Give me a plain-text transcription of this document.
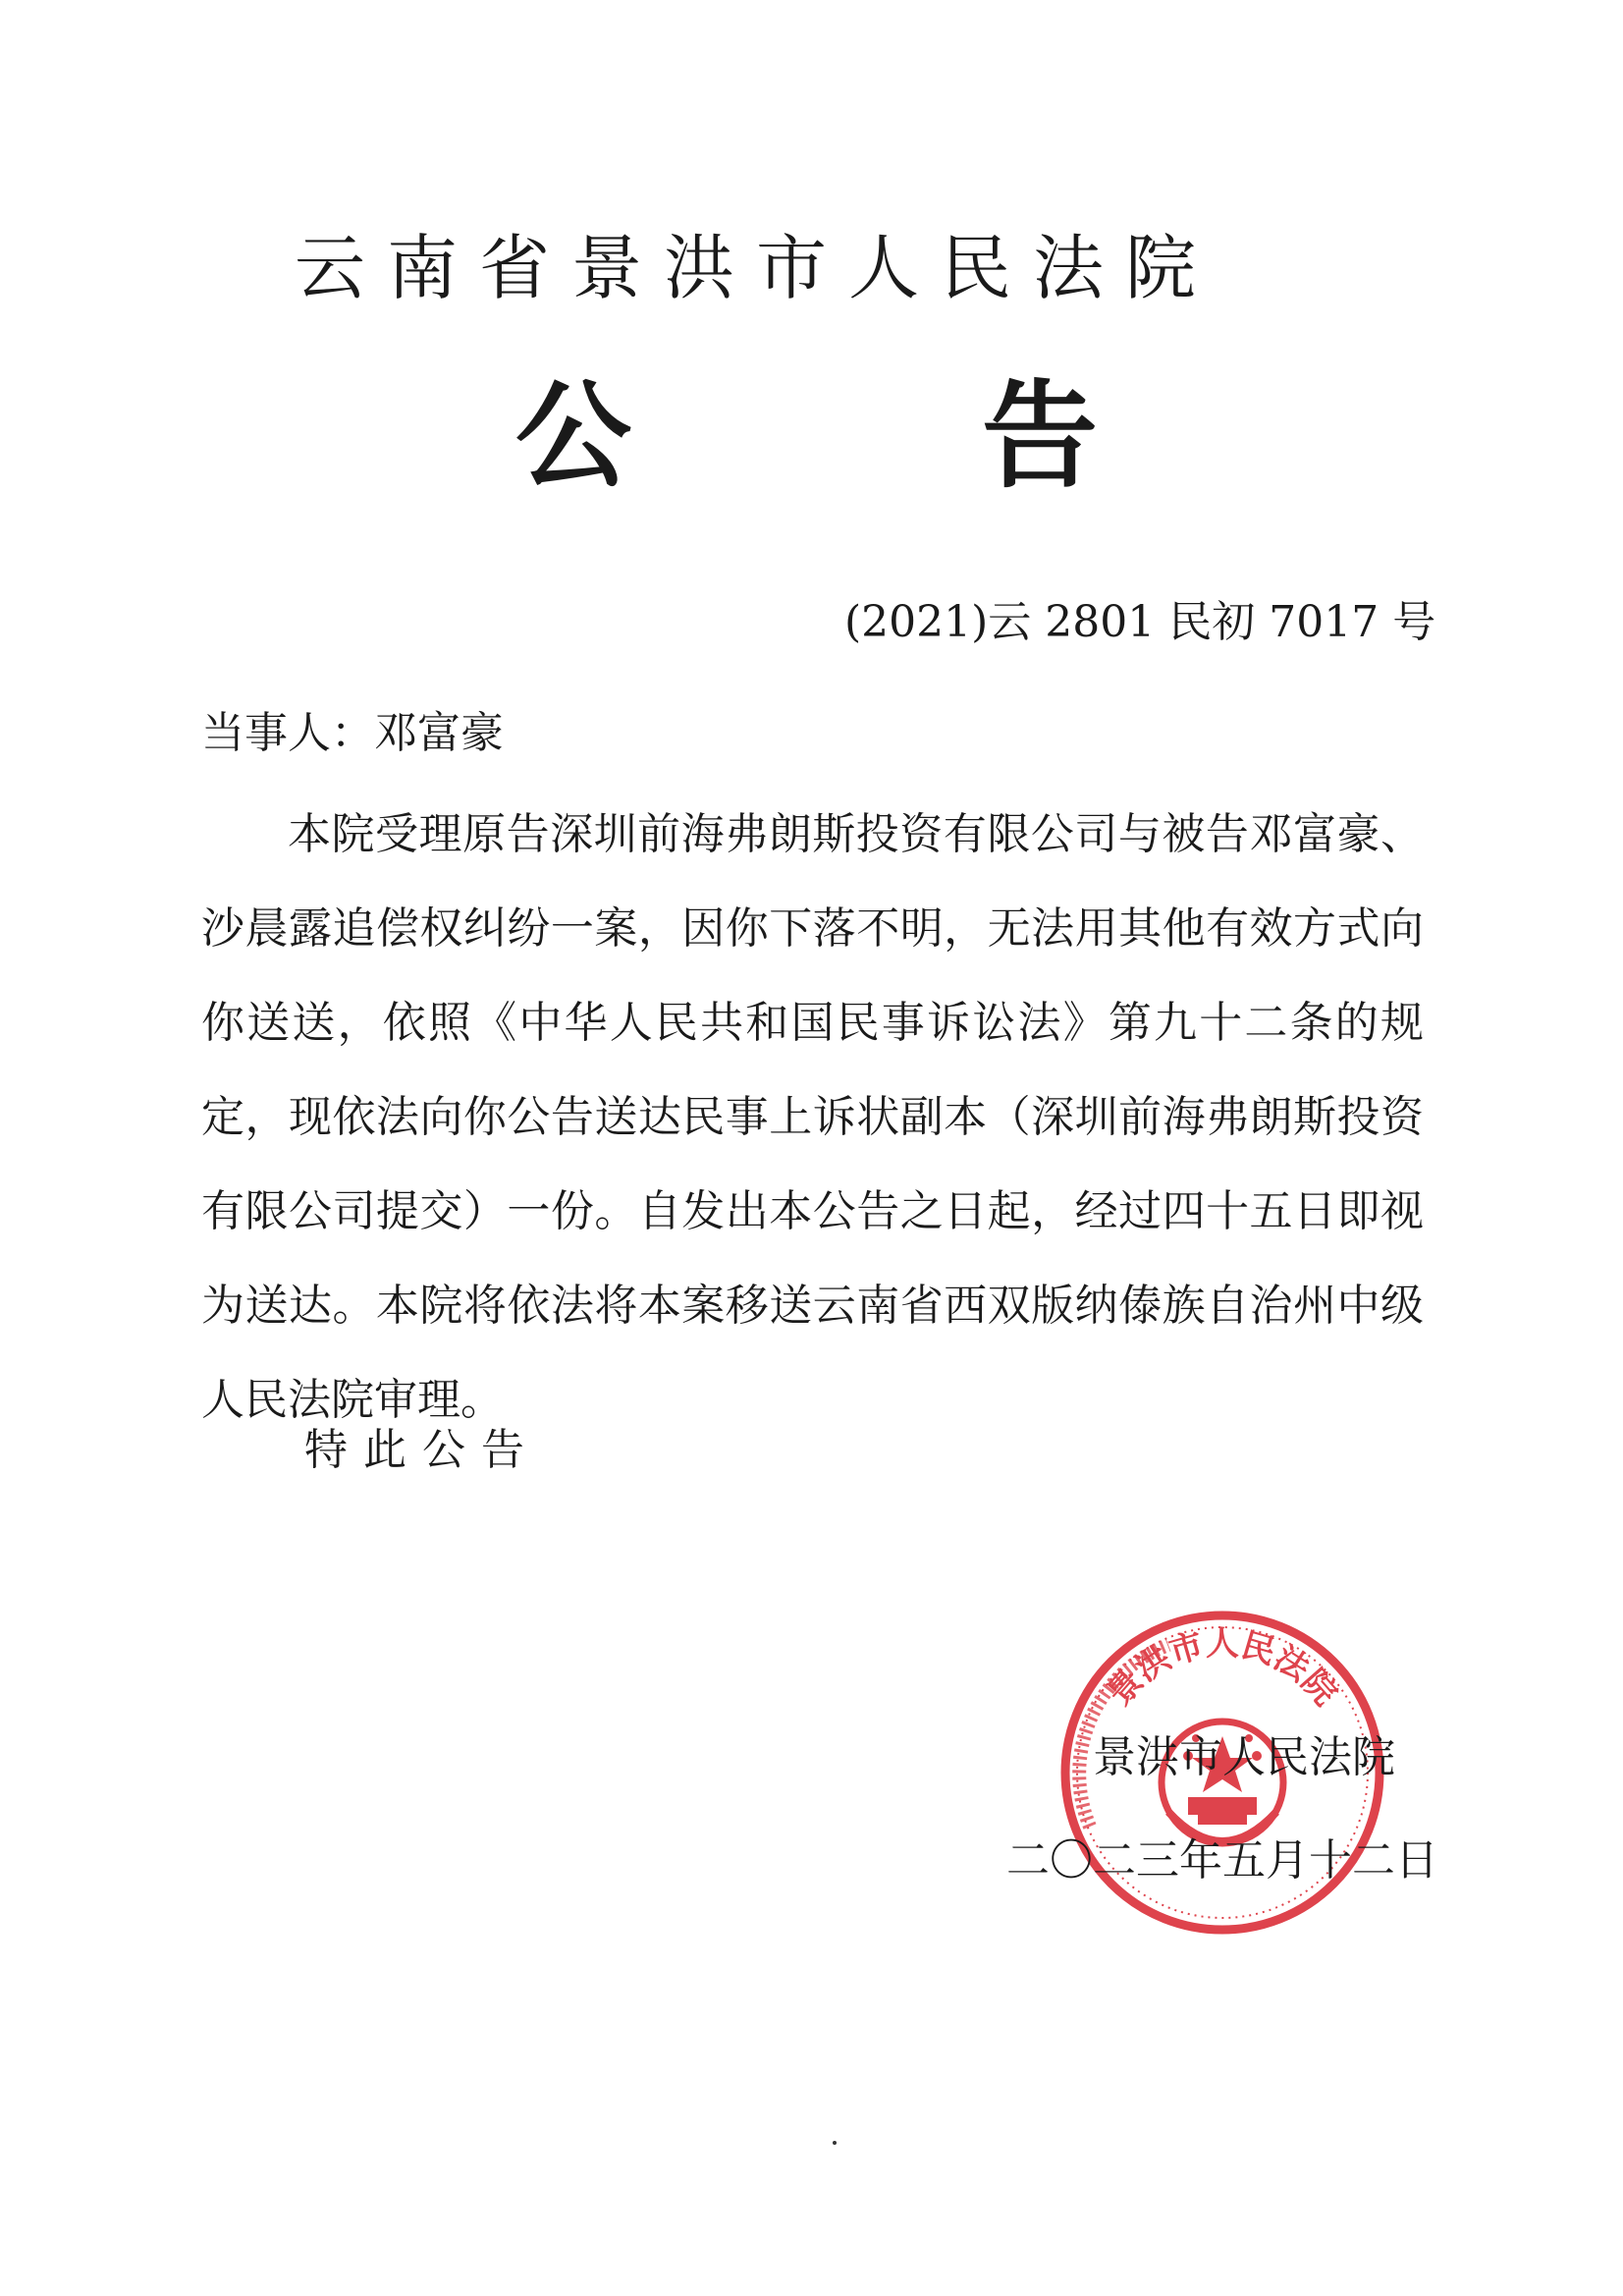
云南省景洪市人民法院
公	告
(2021)云 2801 民初 7017 号
当事人：邓富豪

本院受理原告深圳前海弗朗斯投资有限公司与被告邓富豪、沙晨露追偿权纠纷一案，因你下落不明，无法用其他有效方式向你送送，依照《中华人民共和国民事诉讼法》第九十二条的规定，现依法向你公告送达民事上诉状副本（深圳前海弗朗斯投资有限公司提交）一份。自发出本公告之日起，经过四十五日即视为送达。本院将依法将本案移送云南省西双版纳傣族自治州中级人民法院审理。

特此公告
景洪市人民法院
景洪市人民法院
二〇二三年五月十二日
